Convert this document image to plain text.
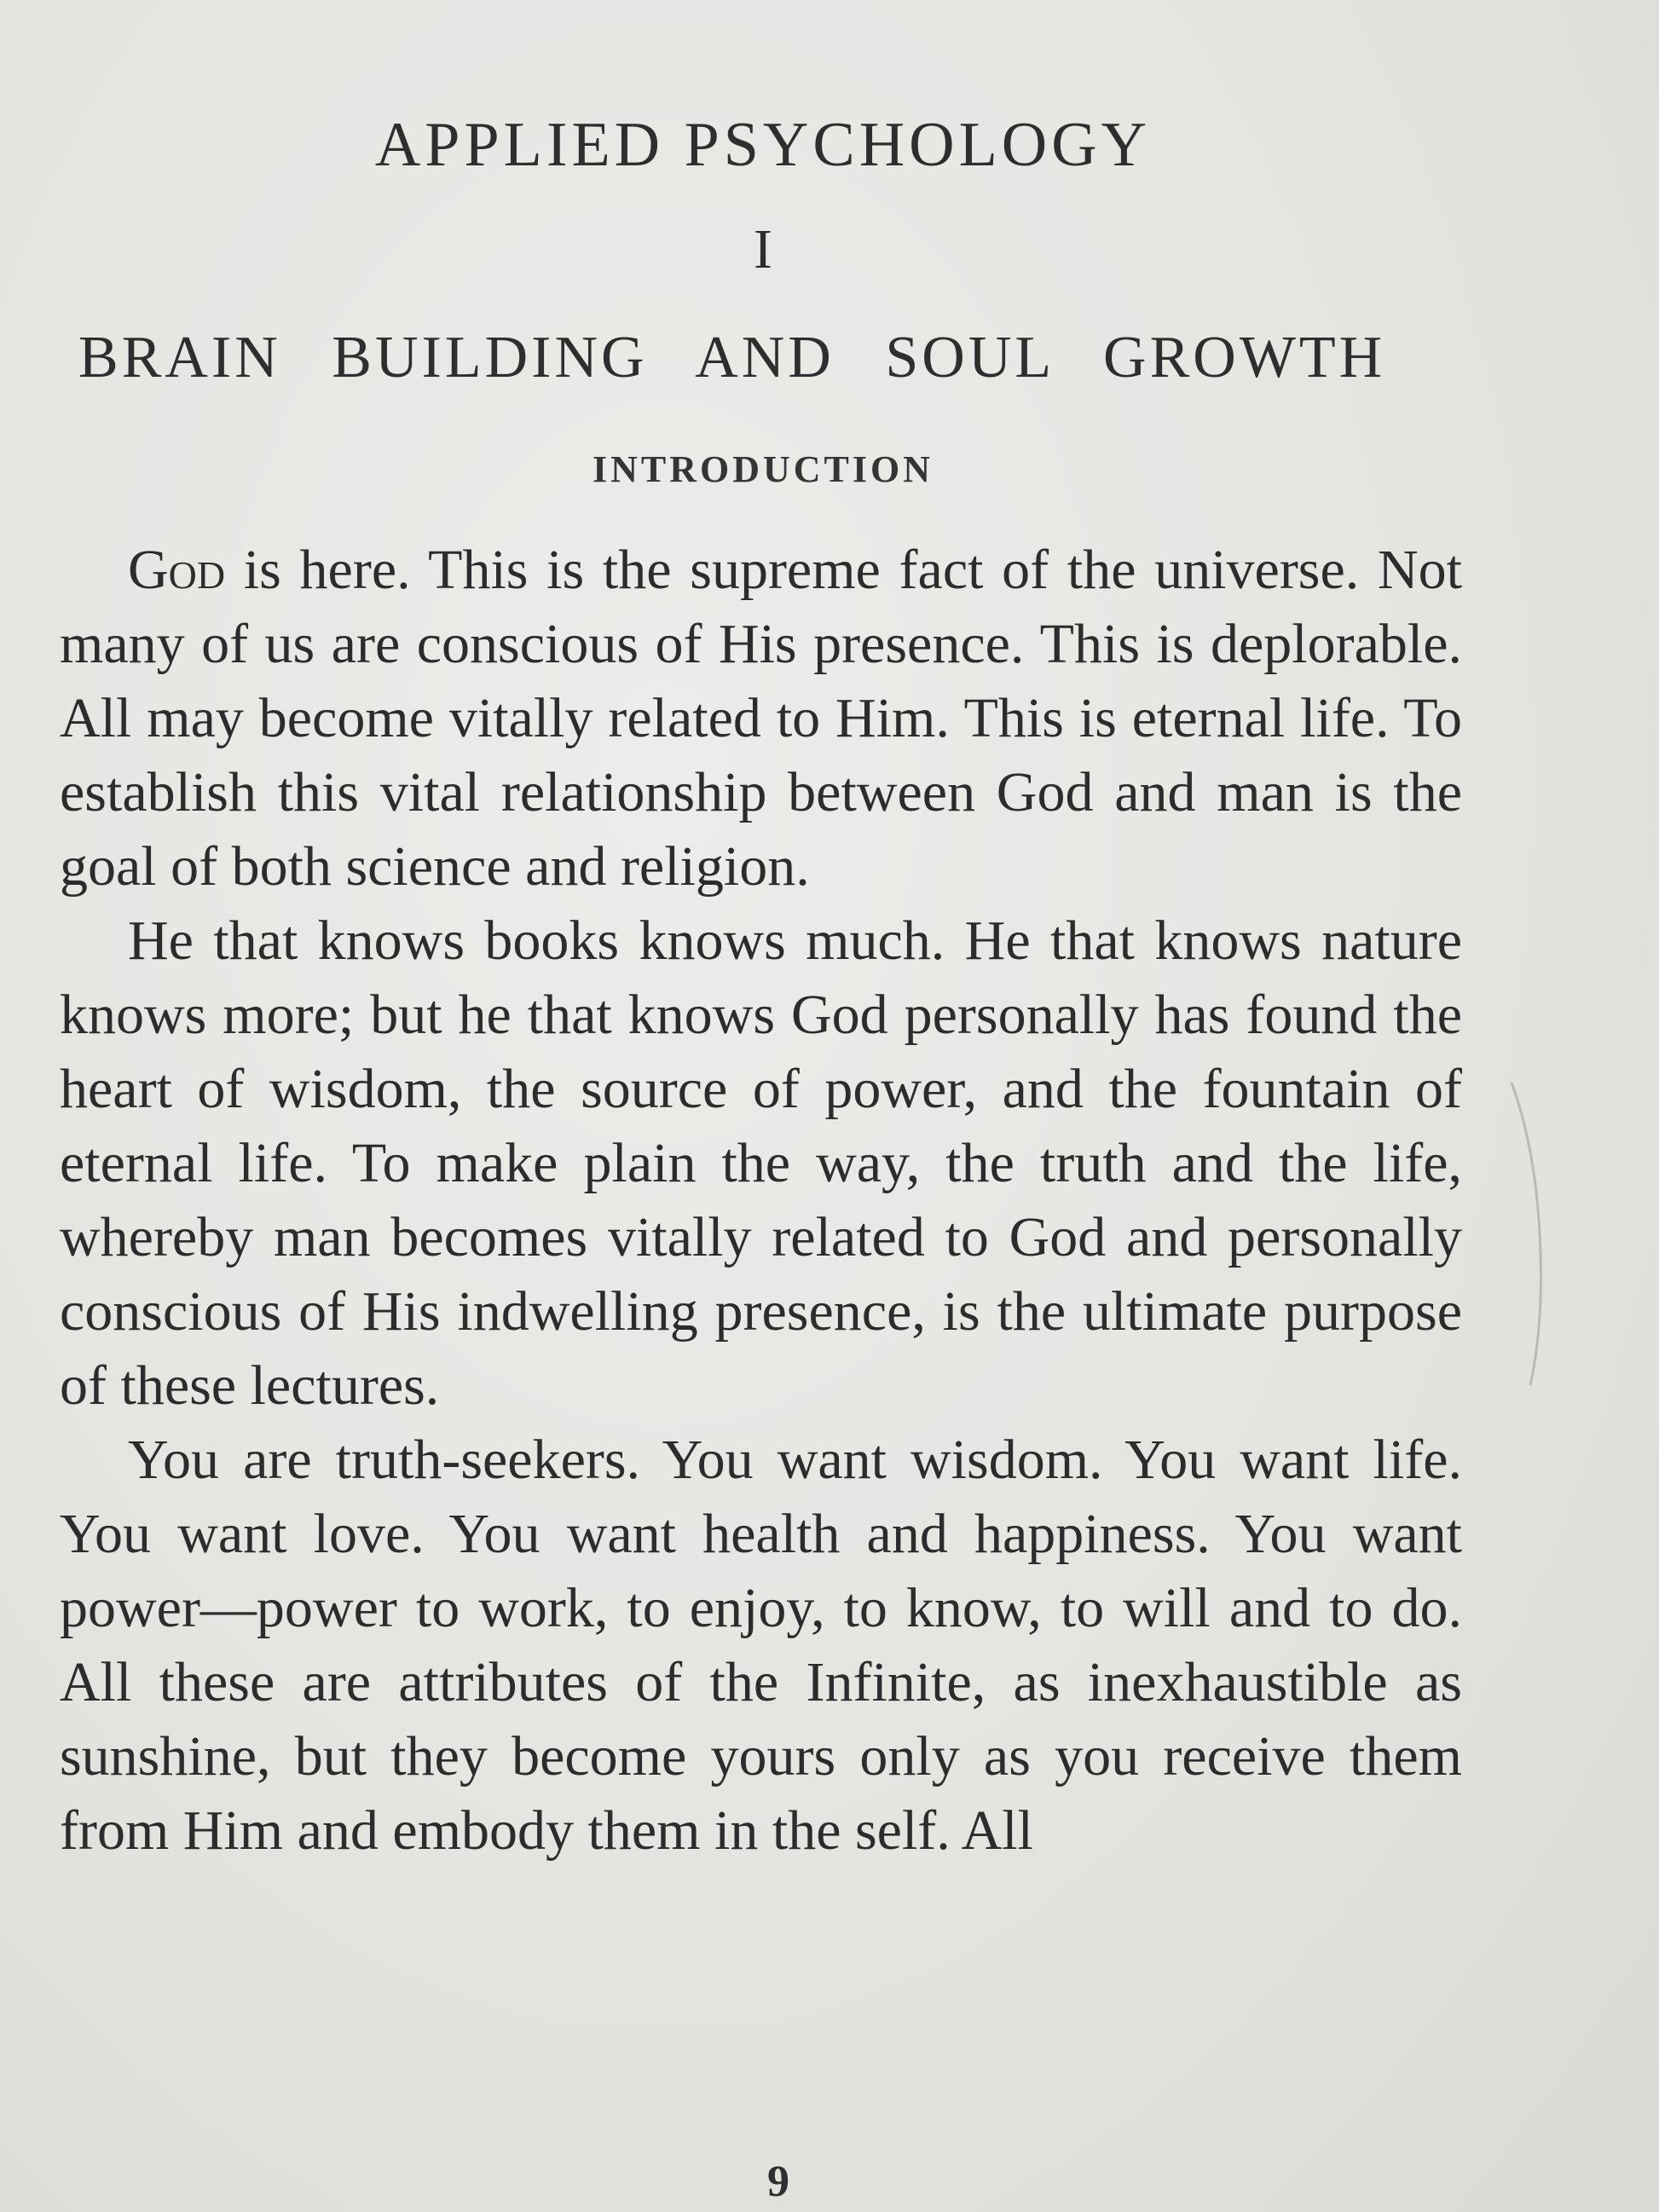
APPLIED PSYCHOLOGY
I
BRAIN BUILDING AND SOUL GROWTH
INTRODUCTION

God is here. This is the supreme fact of the universe. Not many of us are conscious of His presence. This is deplorable. All may become vitally related to Him. This is eternal life. To establish this vital relationship between God and man is the goal of both science and religion.

He that knows books knows much. He that knows nature knows more; but he that knows God personally has found the heart of wisdom, the source of power, and the fountain of eternal life. To make plain the way, the truth and the life, whereby man becomes vitally related to God and personally conscious of His indwelling presence, is the ultimate purpose of these lectures.

You are truth-seekers. You want wisdom. You want life. You want love. You want health and happiness. You want power—power to work, to enjoy, to know, to will and to do. All these are attributes of the Infinite, as inexhaustible as sunshine, but they become yours only as you receive them from Him and embody them in the self. All

9
